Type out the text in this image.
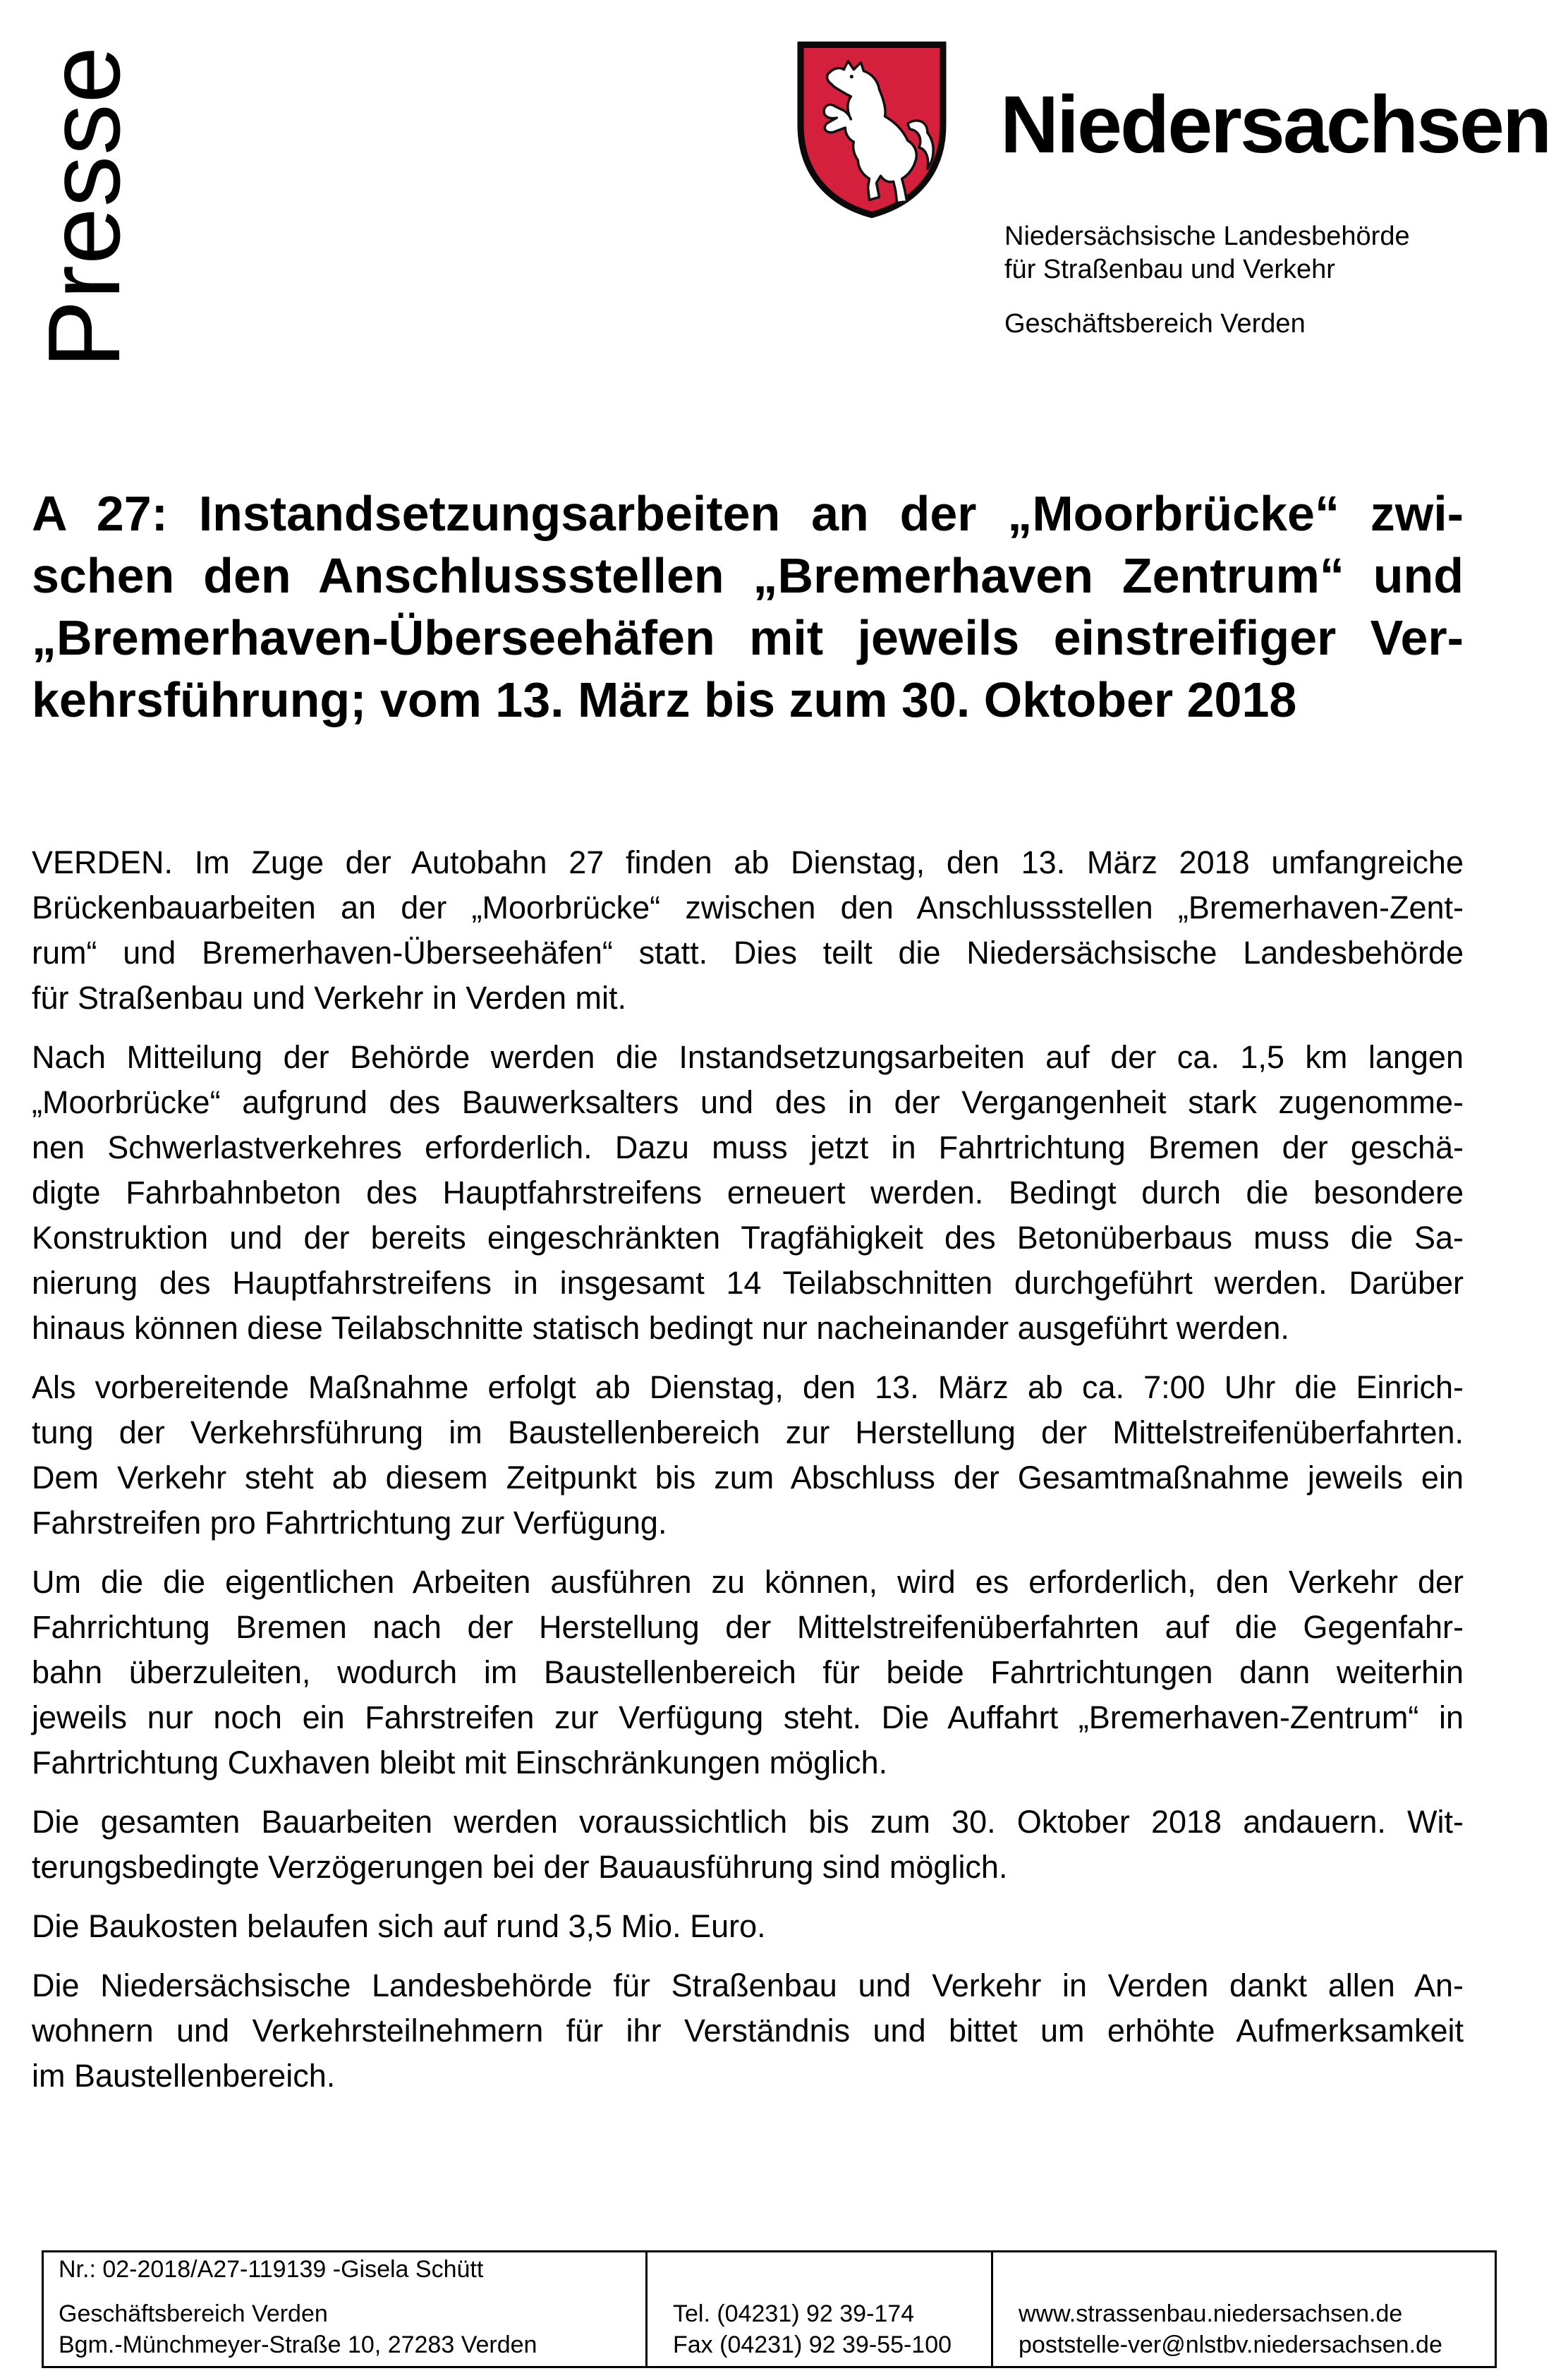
Presse	Niedersachsen
Niedersächsische Landesbehörde
für Straßenbau und Verkehr
Geschäftsbereich Verden
A 27: Instandsetzungsarbeiten an der „Moorbrücke“ zwi-
schen den Anschlussstellen „Bremerhaven Zentrum“ und
„Bremerhaven-Überseehäfen mit jeweils einstreifiger Ver-
kehrsführung; vom 13. März bis zum 30. Oktober 2018
VERDEN. Im Zuge der Autobahn 27 finden ab Dienstag, den 13. März 2018 umfangreiche
Brückenbauarbeiten an der „Moorbrücke“ zwischen den Anschlussstellen „Bremerhaven-Zent-
rum“ und Bremerhaven-Überseehäfen“ statt. Dies teilt die Niedersächsische Landesbehörde
für Straßenbau und Verkehr in Verden mit.
Nach Mitteilung der Behörde werden die Instandsetzungsarbeiten auf der ca. 1,5 km langen
„Moorbrücke“ aufgrund des Bauwerksalters und des in der Vergangenheit stark zugenomme-
nen Schwerlastverkehres erforderlich. Dazu muss jetzt in Fahrtrichtung Bremen der geschä-
digte Fahrbahnbeton des Hauptfahrstreifens erneuert werden. Bedingt durch die besondere
Konstruktion und der bereits eingeschränkten Tragfähigkeit des Betonüberbaus muss die Sa-
nierung des Hauptfahrstreifens in insgesamt 14 Teilabschnitten durchgeführt werden. Darüber
hinaus können diese Teilabschnitte statisch bedingt nur nacheinander ausgeführt werden.
Als vorbereitende Maßnahme erfolgt ab Dienstag, den 13. März ab ca. 7:00 Uhr die Einrich-
tung der Verkehrsführung im Baustellenbereich zur Herstellung der Mittelstreifenüberfahrten.
Dem Verkehr steht ab diesem Zeitpunkt bis zum Abschluss der Gesamtmaßnahme jeweils ein
Fahrstreifen pro Fahrtrichtung zur Verfügung.
Um die die eigentlichen Arbeiten ausführen zu können, wird es erforderlich, den Verkehr der
Fahrrichtung Bremen nach der Herstellung der Mittelstreifenüberfahrten auf die Gegenfahr-
bahn überzuleiten, wodurch im Baustellenbereich für beide Fahrtrichtungen dann weiterhin
jeweils nur noch ein Fahrstreifen zur Verfügung steht. Die Auffahrt „Bremerhaven-Zentrum“ in
Fahrtrichtung Cuxhaven bleibt mit Einschränkungen möglich.
Die gesamten Bauarbeiten werden voraussichtlich bis zum 30. Oktober 2018 andauern. Wit-
terungsbedingte Verzögerungen bei der Bauausführung sind möglich.
Die Baukosten belaufen sich auf rund 3,5 Mio. Euro.
Die Niedersächsische Landesbehörde für Straßenbau und Verkehr in Verden dankt allen An-
wohnern und Verkehrsteilnehmern für ihr Verständnis und bittet um erhöhte Aufmerksamkeit
im Baustellenbereich.
Nr.: 02-2018/A27-119139 -Gisela Schütt
Geschäftsbereich Verden
Bgm.-Münchmeyer-Straße 10, 27283 Verden
Tel. (04231) 92 39-174
Fax (04231) 92 39-55-100
www.strassenbau.niedersachsen.de
poststelle-ver@nlstbv.niedersachsen.de
